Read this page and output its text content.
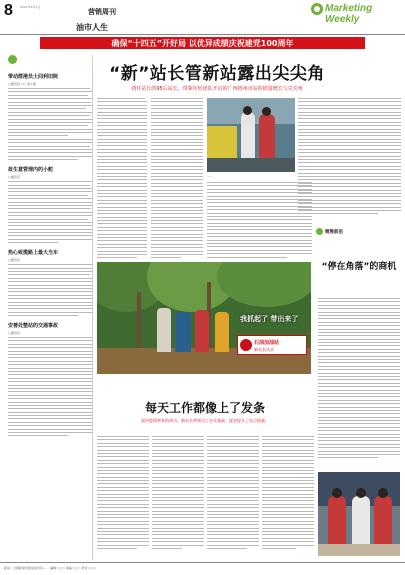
8 2021年8月2日
营销周刊
油市人生
Marketing Weekly
确保“十四五”开好局 以优异成绩庆祝建党100周年
带动群港员土回利田院
□通讯员 ○○ 何小燕
故生意管理内的小舵
□通讯员
热心致揽路上最大当车
□通讯员
安善处整站的交通事故
□通讯员
“新”站长管新站露出尖尖角
初任站长的95后站长，带领年轻团队开启的广西梧州市站的销量增长与尖尖角
……
销售前沿
我抓起了 带出来了
石油加油站
新站长风采
每天工作都像上了发条
面对疫情带来的冲击，新站长带领员工夯实基础，逐步提升了站点销量。
“停在角落”的商机
新站：全国新闻出版系统共有…… 编辑 ○○○ 美编 ○○○ 校对 ○○○
